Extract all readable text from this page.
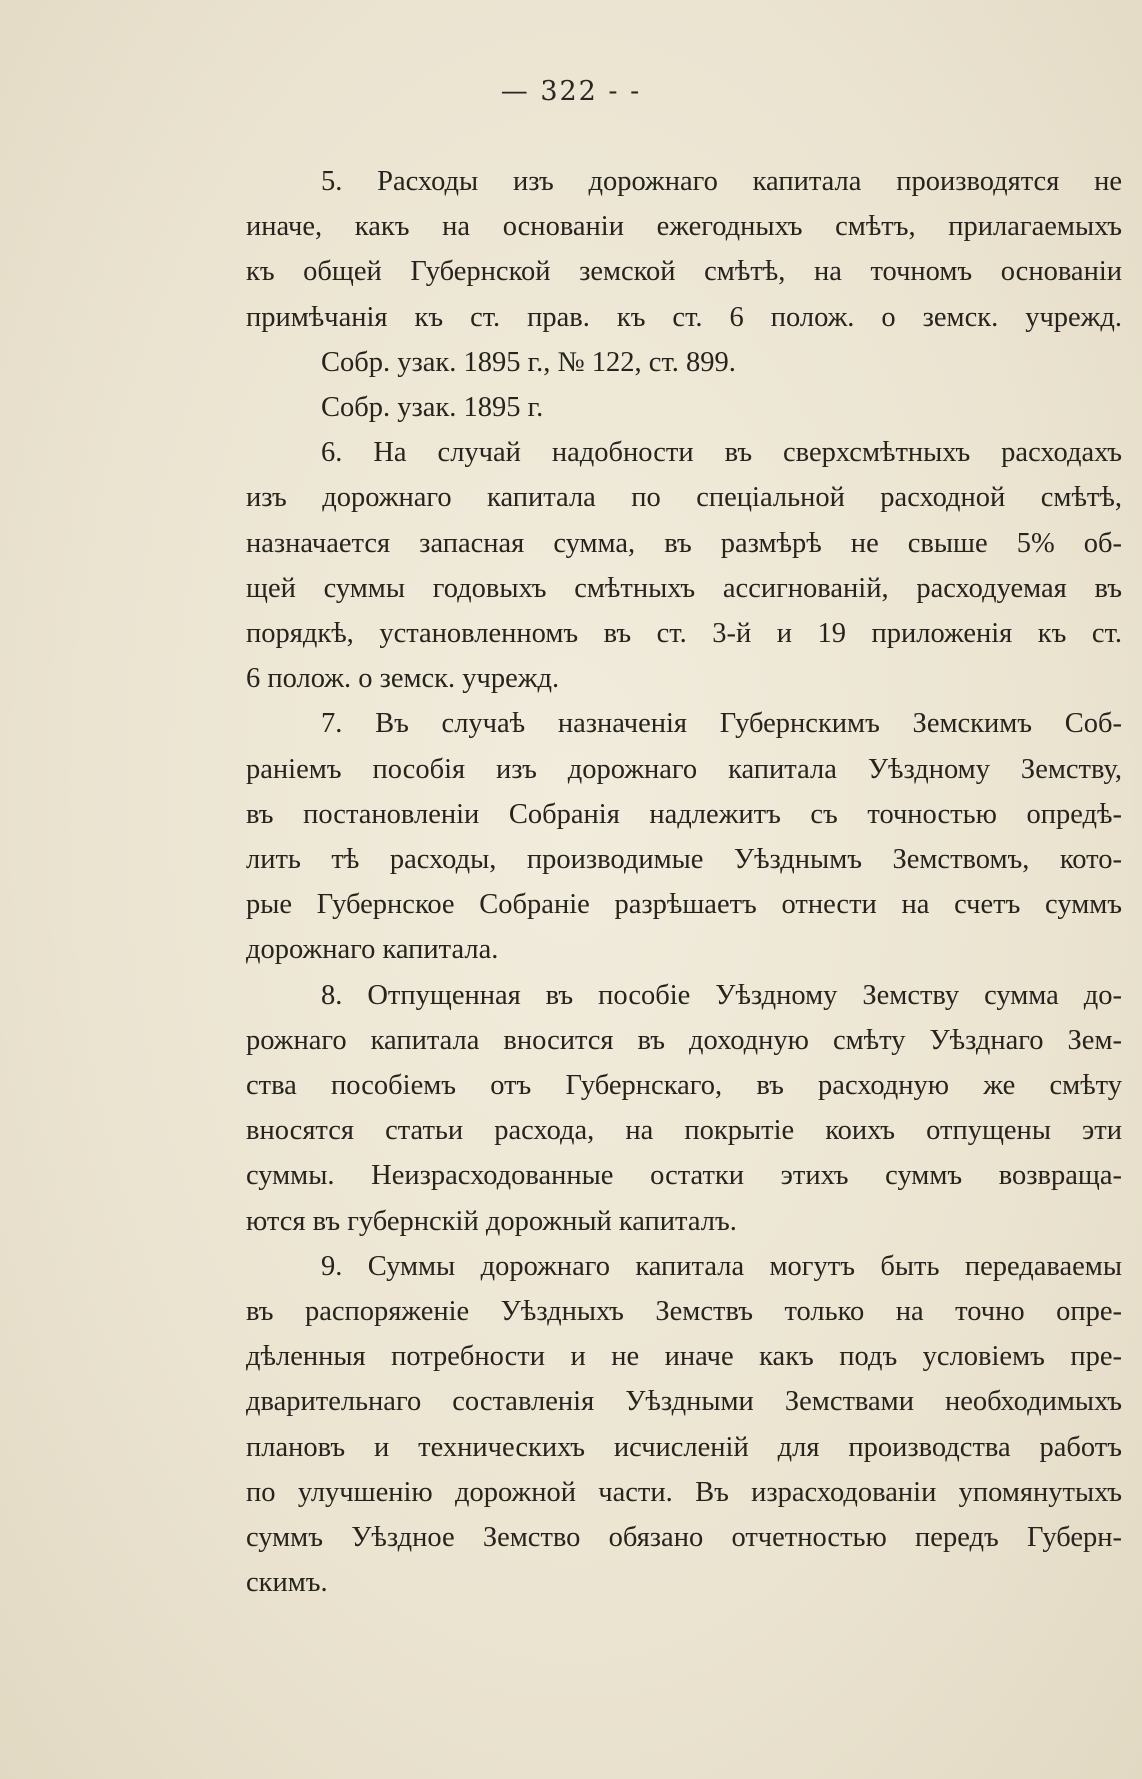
— 322 - -
5. Расходы изъ дорожнаго капитала производятся не
иначе, какъ на основаніи ежегодныхъ смѣтъ, прилагаемыхъ
къ общей Губернской земской смѣтѣ, на точномъ основаніи
примѣчанія къ ст. прав. къ ст. 6 полож. о земск. учрежд.
Собр. узак. 1895 г., № 122, ст. 899.
Собр. узак. 1895 г.
6. На случай надобности въ сверхсмѣтныхъ расходахъ
изъ дорожнаго капитала по спеціальной расходной смѣтѣ,
назначается запасная сумма, въ размѣрѣ не свыше 5% об-
щей суммы годовыхъ смѣтныхъ ассигнованій, расходуемая въ
порядкѣ, установленномъ въ ст. 3-й и 19 приложенія къ ст.
6 полож. о земск. учрежд.
7. Въ случаѣ назначенія Губернскимъ Земскимъ Соб-
раніемъ пособія изъ дорожнаго капитала Уѣздному Земству,
въ постановленіи Собранія надлежитъ съ точностью опредѣ-
лить тѣ расходы, производимые Уѣзднымъ Земствомъ, кото-
рые Губернское Собраніе разрѣшаетъ отнести на счетъ суммъ
дорожнаго капитала.
8. Отпущенная въ пособіе Уѣздному Земству сумма до-
рожнаго капитала вносится въ доходную смѣту Уѣзднаго Зем-
ства пособіемъ отъ Губернскаго, въ расходную же смѣту
вносятся статьи расхода, на покрытіе коихъ отпущены эти
суммы. Неизрасходованные остатки этихъ суммъ возвраща-
ются въ губернскій дорожный капиталъ.
9. Суммы дорожнаго капитала могутъ быть передаваемы
въ распоряженіе Уѣздныхъ Земствъ только на точно опре-
дѣленныя потребности и не иначе какъ подъ условіемъ пре-
дварительнаго составленія Уѣздными Земствами необходимыхъ
плановъ и техническихъ исчисленій для производства работъ
по улучшенію дорожной части. Въ израсходованіи упомянутыхъ
суммъ Уѣздное Земство обязано отчетностью передъ Губерн-
скимъ.
